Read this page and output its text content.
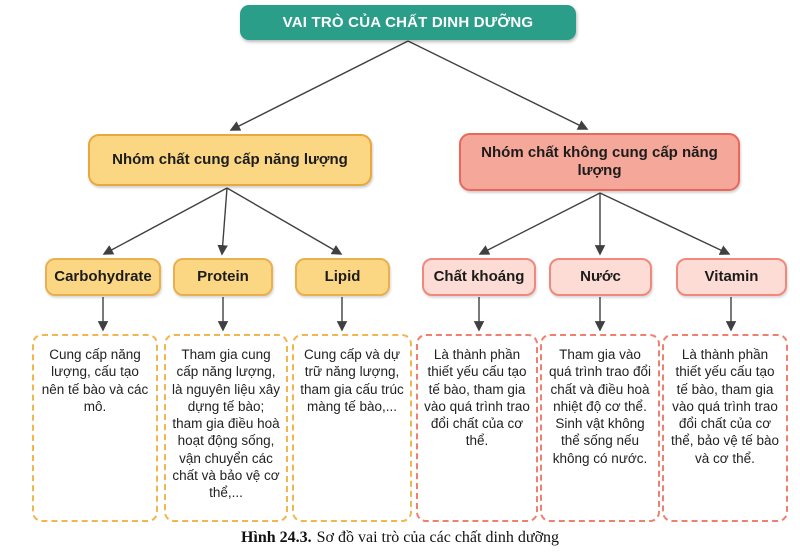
VAI TRÒ CỦA CHẤT DINH DƯỠNG
Nhóm chất cung cấp năng lượng	Nhóm chất không cung cấp năng lượng
Carbohydrate	Protein	Lipid	Chất khoáng	Nước	Vitamin
Cung cấp năng lượng, cấu tạo nên tế bào và các mô.
Tham gia cung cấp năng lượng, là nguyên liệu xây dựng tế bào; tham gia điều hoà hoạt động sống, vận chuyển các chất và bảo vệ cơ thể,...
Cung cấp và dự trữ năng lượng, tham gia cấu trúc màng tế bào,...
Là thành phần thiết yếu cấu tạo tế bào, tham gia vào quá trình trao đổi chất của cơ thể.
Tham gia vào quá trình trao đổi chất và điều hoà nhiệt độ cơ thể. Sinh vật không thể sống nếu không có nước.
Là thành phần thiết yếu cấu tạo tế bào, tham gia vào quá trình trao đổi chất của cơ thể, bảo vệ tế bào và cơ thể.
Hình 24.3. Sơ đồ vai trò của các chất dinh dưỡng
